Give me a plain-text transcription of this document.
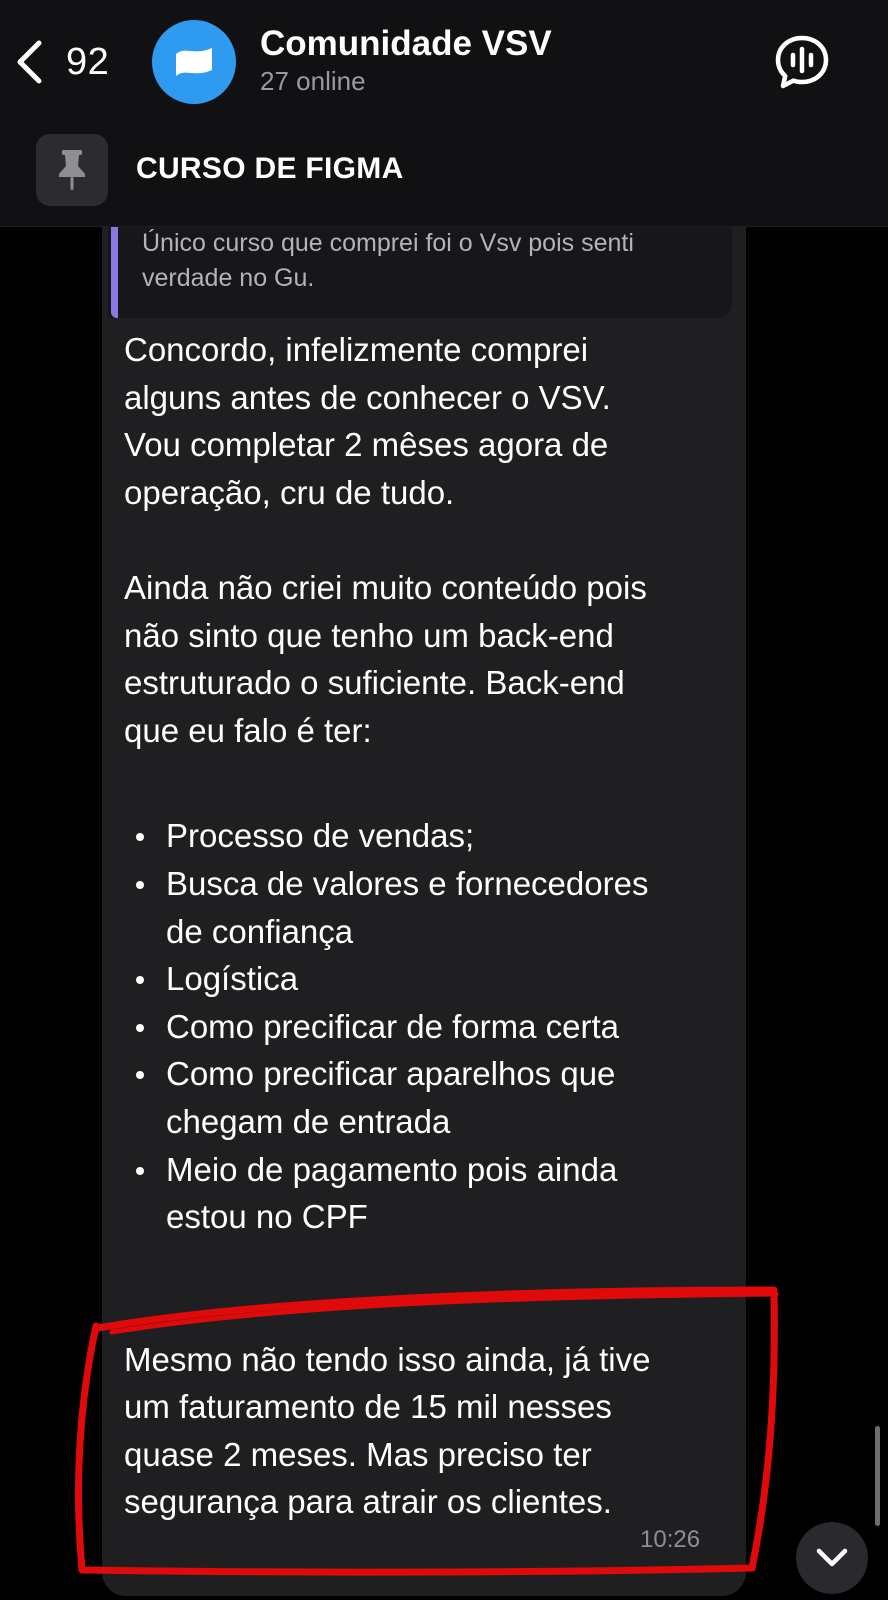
92	Comunidade VSV
27 online
CURSO DE FIGMA
Único curso que comprei foi o Vsv pois senti
verdade no Gu.

Concordo, infelizmente comprei
alguns antes de conhecer o VSV.
Vou completar 2 mêses agora de
operação, cru de tudo.

Ainda não criei muito conteúdo pois
não sinto que tenho um back-end
estruturado o suficiente. Back-end
que eu falo é ter:

Processo de vendas;
Busca de valores e fornecedores
de confiança
Logística
Como precificar de forma certa
Como precificar aparelhos que
chegam de entrada
Meio de pagamento pois ainda
estou no CPF

Mesmo não tendo isso ainda, já tive
um faturamento de 15 mil nesses
quase 2 meses. Mas preciso ter
segurança para atrair os clientes.

10:26
